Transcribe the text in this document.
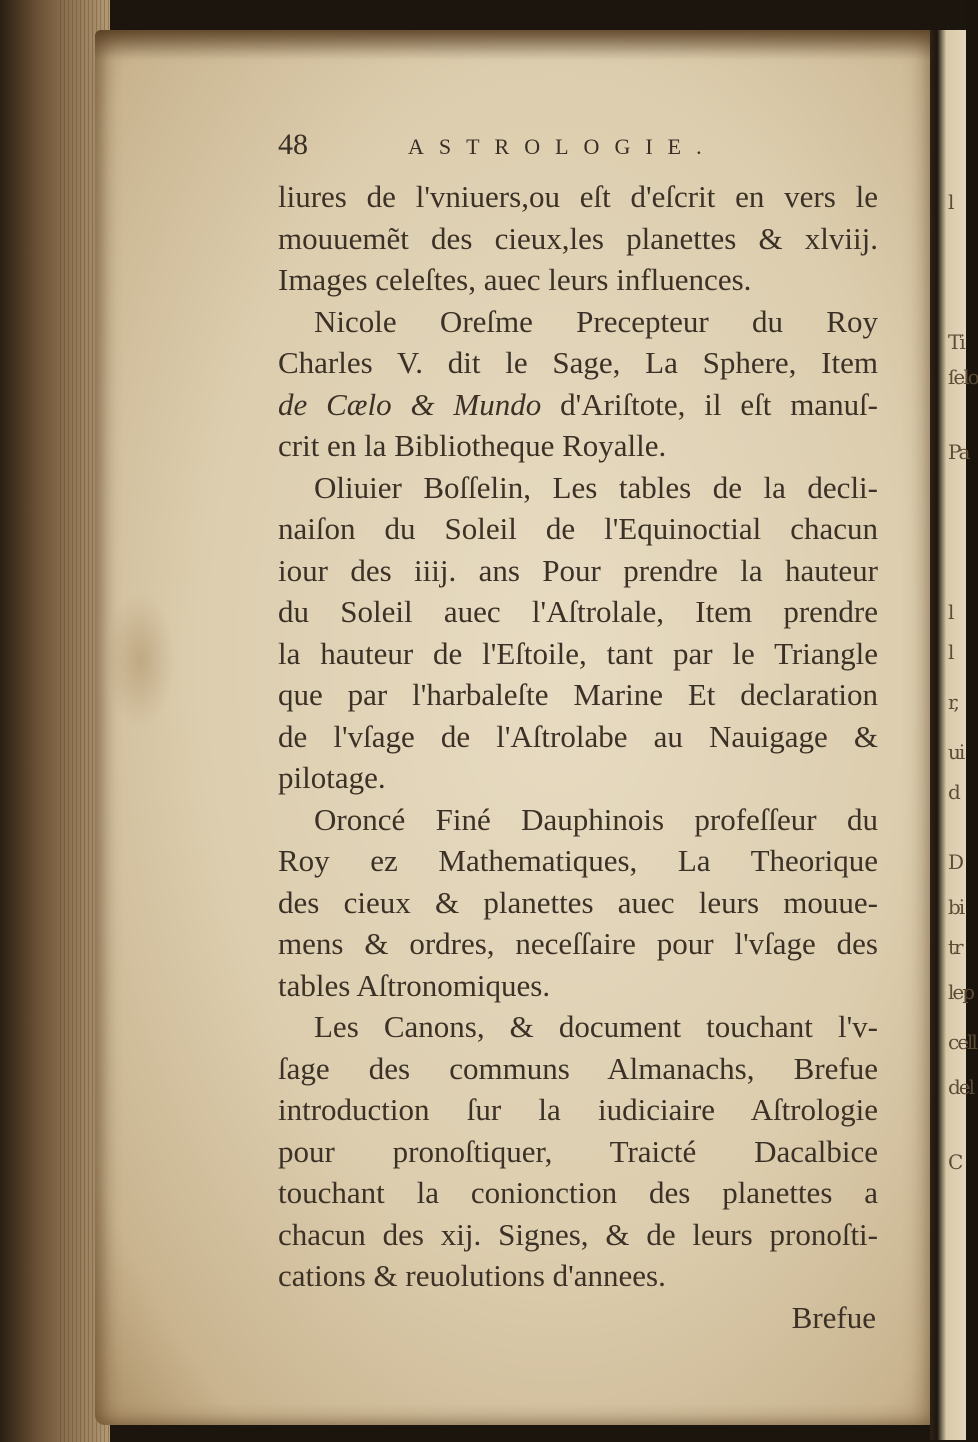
l
Ti
ſelo
Pa
l
l
r,
ui
d
D
bi
tr
lep
cell
del
C
48	ASTROLOGIE.
liures de l'vniuers,ou eſt d'eſcrit en vers le
mouuemẽt des cieux,les planettes & xlviij.
Images celeſtes, auec leurs influences.
Nicole Oreſme Precepteur du Roy
Charles V. dit le Sage, La Sphere, Item
de Cælo & Mundo d'Ariſtote, il eſt manuſ-
crit en la Bibliotheque Royalle.
Oliuier Boſſelin, Les tables de la decli-
naiſon du Soleil de l'Equinoctial chacun
iour des iiij. ans Pour prendre la hauteur
du Soleil auec l'Aſtrolale, Item prendre
la hauteur de l'Eſtoile, tant par le Triangle
que par l'harbaleſte Marine Et declaration
de l'vſage de l'Aſtrolabe au Nauigage &
pilotage.
Oroncé Finé Dauphinois profeſſeur du
Roy ez Mathematiques, La Theorique
des cieux & planettes auec leurs mouue-
mens & ordres, neceſſaire pour l'vſage des
tables Aſtronomiques.
Les Canons, & document touchant l'v-
ſage des communs Almanachs, Brefue
introduction ſur la iudiciaire Aſtrologie
pour pronoſtiquer, Traicté Dacalbice
touchant la conionction des planettes a
chacun des xij. Signes, & de leurs pronoſti-
cations & reuolutions d'annees.
Brefue
